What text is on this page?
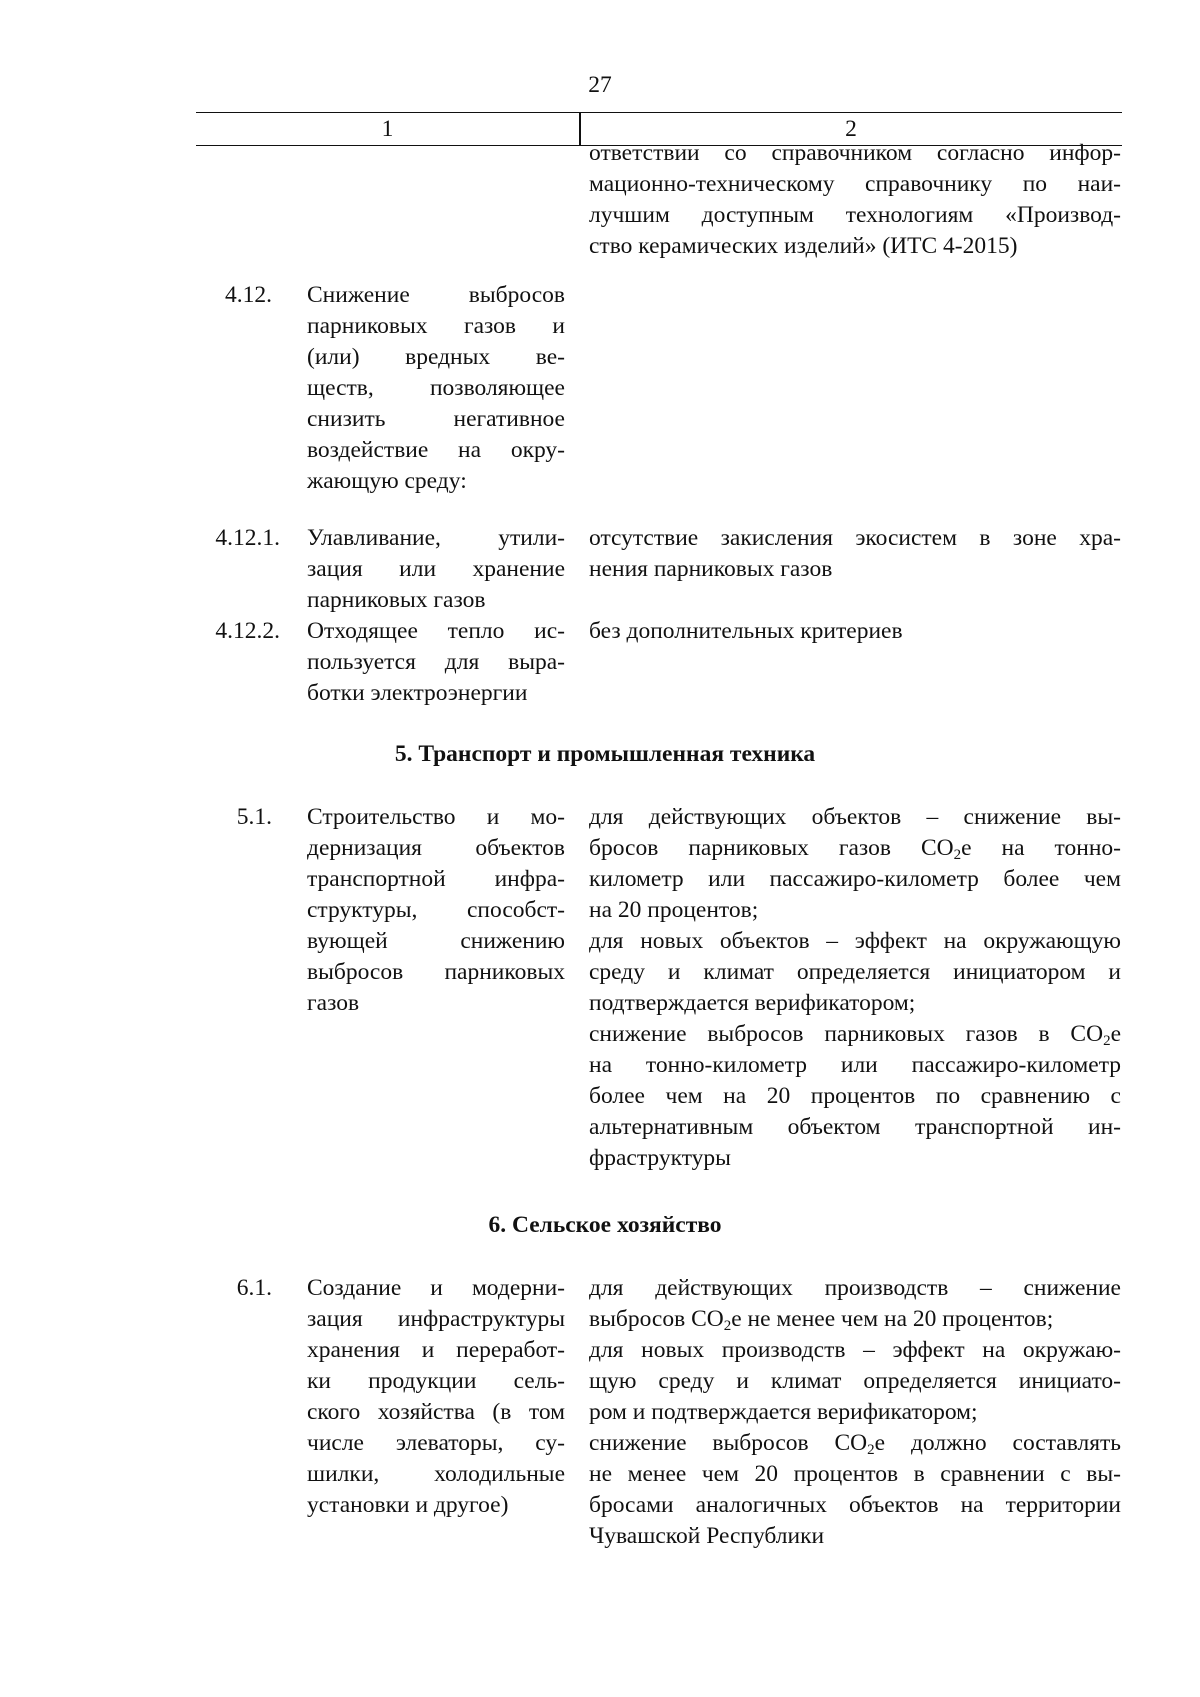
27
1	2
ответствии со справочником согласно инфор-
мационно-техническому справочнику по наи-
лучшим доступным технологиям «Производ-
ство керамических изделий» (ИТС 4-2015)
4.12. Снижение выбросов
парниковых газов и
(или) вредных ве-
ществ, позволяющее
снизить негативное
воздействие на окру-
жающую среду:
4.12.1. Улавливание, утили-
зация или хранение
парниковых газов
отсутствие закисления экосистем в зоне хра-
нения парниковых газов
4.12.2. Отходящее тепло ис-
пользуется для выра-
ботки электроэнергии
без дополнительных критериев
5. Транспорт и промышленная техника
5.1. Строительство и мо-
дернизация объектов
транспортной инфра-
структуры, способст-
вующей снижению
выбросов парниковых
газов
для действующих объектов – снижение вы-
бросов парниковых газов $CO_2e$ на тонно-
километр или пассажиро-километр более чем
на 20 процентов;
для новых объектов – эффект на окружающую
среду и климат определяется инициатором и
подтверждается верификатором;
снижение выбросов парниковых газов в $CO_2e$
на тонно-километр или пассажиро-километр
более чем на 20 процентов по сравнению с
альтернативным объектом транспортной ин-
фраструктуры
6. Сельское хозяйство
6.1. Создание и модерни-
зация инфраструктуры
хранения и переработ-
ки продукции сель-
ского хозяйства (в том
числе элеваторы, су-
шилки, холодильные
установки и другое)
для действующих производств – снижение
выбросов $CO_2e$ не менее чем на 20 процентов;
для новых производств – эффект на окружаю-
щую среду и климат определяется инициато-
ром и подтверждается верификатором;
снижение выбросов $CO_2e$ должно составлять
не менее чем 20 процентов в сравнении с вы-
бросами аналогичных объектов на территории
Чувашской Республики
